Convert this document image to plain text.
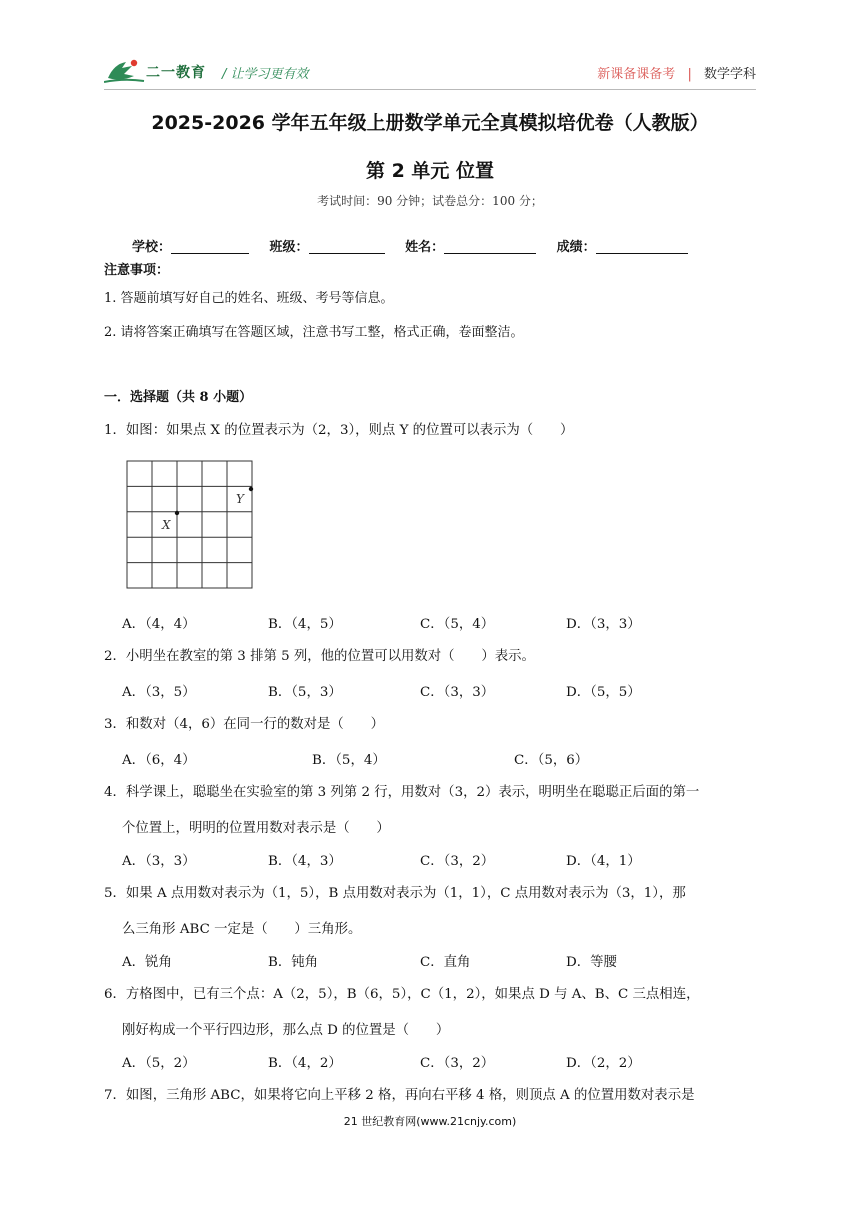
二一教育 / 让学习更有效	新课备课备考 | 数学学科
2025-2026 学年五年级上册数学单元全真模拟培优卷（人教版）
第 2 单元 位置
考试时间：90 分钟；试卷总分：100 分；
学校：	班级：	姓名：	成绩：
注意事项：
1. 答题前填写好自己的姓名、班级、考号等信息。
2. 请将答案正确填写在答题区域，注意书写工整，格式正确，卷面整洁。
一．选择题（共 8 小题）
1．如图：如果点 X 的位置表示为（2，3），则点 Y 的位置可以表示为（　　）
X
Y
A．（4，4）	B．（4，5）	C．（5，4）	D．（3，3）
2．小明坐在教室的第 3 排第 5 列，他的位置可以用数对（　　）表示。
A．（3，5）	B．（5，3）	C．（3，3）	D．（5，5）
3．和数对（4，6）在同一行的数对是（　　）
A．（6，4）	B．（5，4）	C．（5，6）
4．科学课上，聪聪坐在实验室的第 3 列第 2 行，用数对（3，2）表示，明明坐在聪聪正后面的第一
个位置上，明明的位置用数对表示是（　　）
A．（3，3）	B．（4，3）	C．（3，2）	D．（4，1）
5．如果 A 点用数对表示为（1，5），B 点用数对表示为（1，1），C 点用数对表示为（3，1），那
么三角形 ABC 一定是（　　）三角形。
A．锐角	B．钝角	C．直角	D．等腰
6．方格图中，已有三个点：A（2，5），B（6，5），C（1，2），如果点 D 与 A、B、C 三点相连，
刚好构成一个平行四边形，那么点 D 的位置是（　　）
A．（5，2）	B．（4，2）	C．（3，2）	D．（2，2）
7．如图，三角形 ABC，如果将它向上平移 2 格，再向右平移 4 格，则顶点 A 的位置用数对表示是
21 世纪教育网(www.21cnjy.com)
